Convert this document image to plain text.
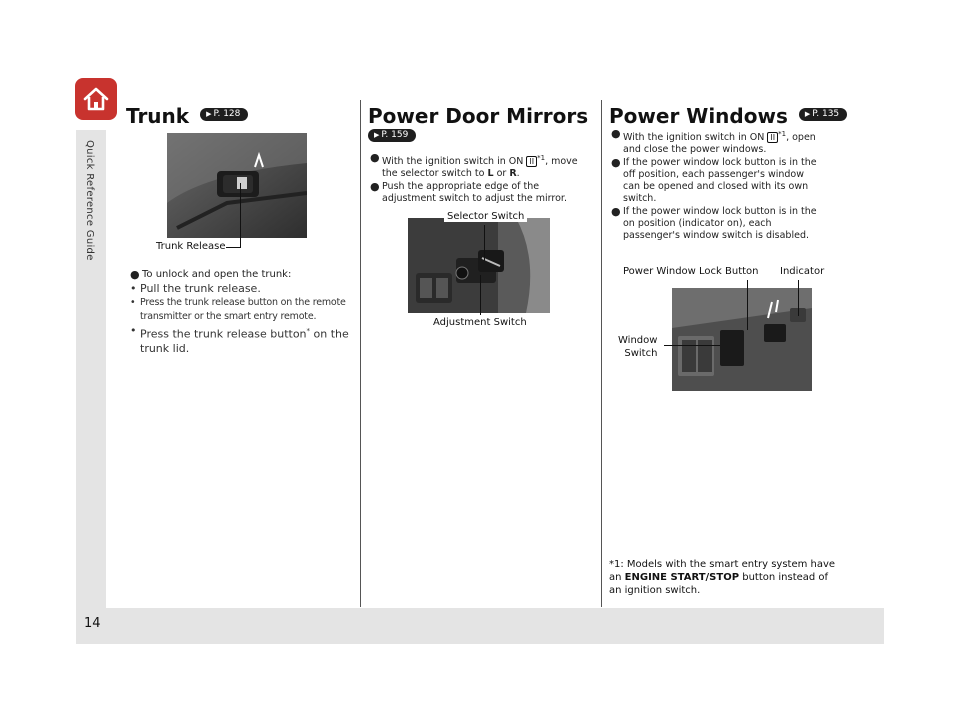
Quick Reference Guide
14
Trunk ▶ P. 128
Trunk Release
● To unlock and open the trunk:
• Pull the trunk release.
• Press the trunk release button on the remote
transmitter or the smart entry remote.
• Press the trunk release button* on the
trunk lid.
Power Door Mirrors
▶ P. 159
● With the ignition switch in ON II $^{*1}$, move
the selector switch to L or R.
● Push the appropriate edge of the
adjustment switch to adjust the mirror.
Selector Switch
Adjustment Switch
Power Windows ▶ P. 135
● With the ignition switch in ON II $^{*1}$, open
and close the power windows.
● If the power window lock button is in the
off position, each passenger's window
can be opened and closed with its own
switch.
● If the power window lock button is in the
on position (indicator on), each
passenger's window switch is disabled.
Power Window Lock Button Indicator
Window
Switch
*1: Models with the smart entry system have
an ENGINE START/STOP button instead of
an ignition switch.
